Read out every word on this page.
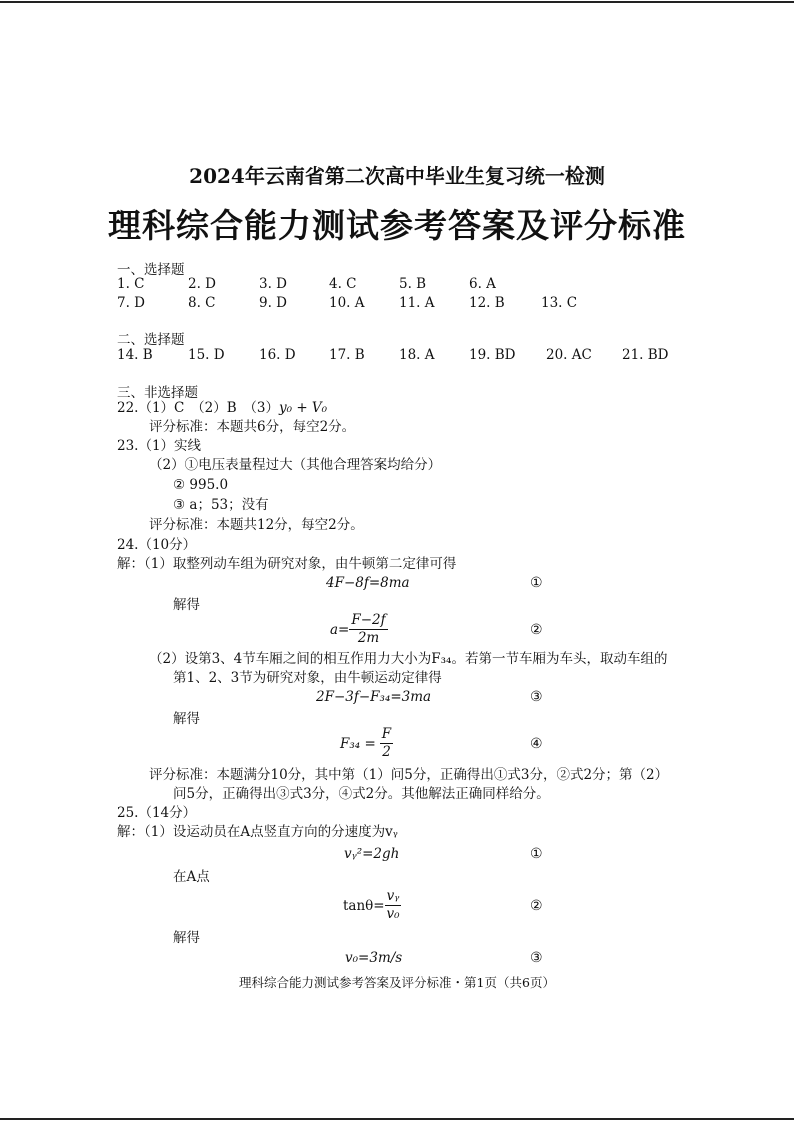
2024年云南省第二次高中毕业生复习统一检测
理科综合能力测试参考答案及评分标准
一、选择题
1. C	2. D	3. D	4. C	5. B	6. A
7. D	8. C	9. D	10. A	11. A	12. B	13. C
二、选择题
14. B	15. D	16. D 17. B	18. A	19. BD 20. AC 21. BD
三、非选择题
22.（1）C　（2）B　（3）y₀ + V₀
评分标准：本题共6分，每空2分。
23.（1）实线
（2）①电压表量程过大（其他合理答案均给分）
② 995.0
③ a；53；没有
评分标准：本题共12分，每空2分。
24.（10分）
解：（1）取整列动车组为研究对象，由牛顿第二定律可得
4F−8f=8ma	①
解得
$a= \frac{F-2f}{2m}$	②
（2）设第3、4节车厢之间的相互作用力大小为F₃₄。若第一节车厢为车头，取动车组的
第1、2、3节为研究对象，由牛顿运动定律得
2F−3f−F₃₄=3ma	③
解得
$F_{34} = \frac{F}{2}$	④
评分标准：本题满分10分，其中第（1）问5分，正确得出①式3分，②式2分；第（2）
问5分，正确得出③式3分，④式2分。其他解法正确同样给分。
25.（14分）
解：（1）设运动员在A点竖直方向的分速度为vᵧ
vᵧ²=2gh	①
在A点
$\tan\theta= \frac{\text{vᵧ}}{\text{v₀}}$	②
解得
v₀=3m/s	③
理科综合能力测试参考答案及评分标准・第1页（共6页）
